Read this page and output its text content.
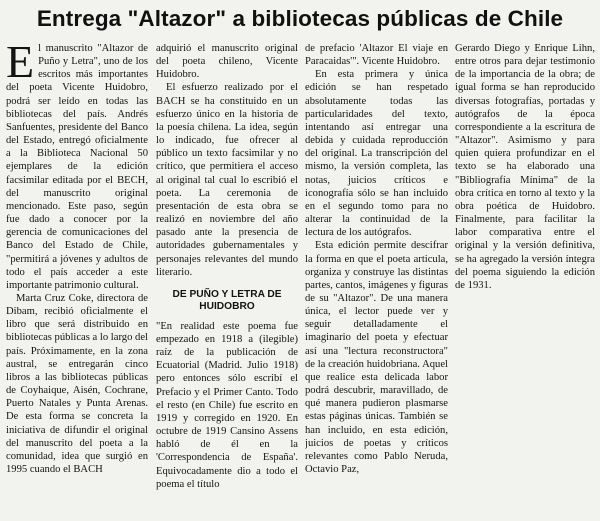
Entrega "Altazor" a bibliotecas públicas de Chile

El manuscrito "Altazor de Puño y Letra", uno de los escritos más importantes del poeta Vicente Huidobro, podrá ser leído en todas las bibliotecas del país. Andrés Sanfuentes, presidente del Banco del Estado, entregó oficialmente a la Biblioteca Nacional 50 ejemplares de la edición facsimilar editada por el BECH, del manuscrito original mencionado. Este paso, según fue dado a conocer por la gerencia de comunicaciones del Banco del Estado de Chile, "permitirá a jóvenes y adultos de todo el país acceder a este importante patrimonio cultural.

Marta Cruz Coke, directora de Dibam, recibió oficialmente el libro que será distribuido en bibliotecas públicas a lo largo del país. Próximamente, en la zona austral, se entregarán cinco libros a las bibliotecas públicas de Coyhaique, Aisén, Cochrane, Puerto Natales y Punta Arenas. De esta forma se concreta la iniciativa de difundir el original del manuscrito del poeta a la comunidad, idea que surgió en 1995 cuando el BACH

adquirió el manuscrito original del poeta chileno, Vicente Huidobro.

El esfuerzo realizado por el BACH se ha constituido en un esfuerzo único en la historia de la poesía chilena. La idea, según lo indicado, fue ofrecer al público un texto facsimilar y no crítico, que permitiera el acceso al original tal cual lo escribió el poeta. La ceremonia de presentación de esta obra se realizó en noviembre del año pasado ante la presencia de autoridades gubernamentales y personajes relevantes del mundo literario.

DE PUÑO Y LETRA DE HUIDOBRO

"En realidad este poema fue empezado en 1918 a (ilegible) raíz de la publicación de Ecuatorial (Madrid. Julio 1918) pero entonces sólo escribí el Prefacio y el Primer Canto. Todo el resto (en Chile) fue escrito en 1919 y corregido en 1920. En octubre de 1919 Cansino Assens habló de él en la 'Correspondencia de España'. Equivocadamente dio a todo el poema el título

de prefacio 'Altazor El viaje en Paracaidas'". Vicente Huidobro.

En esta primera y única edición se han respetado absolutamente todas las particularidades del texto, intentando así entregar una debida y cuidada reproducción del original. La transcripción del mismo, la versión completa, las notas, juicios críticos e iconografía sólo se han incluido en el segundo tomo para no alterar la continuidad de la lectura de los autógrafos.

Esta edición permite descifrar la forma en que el poeta articula, organiza y construye las distintas partes, cantos, imágenes y figuras de su "Altazor". De una manera única, el lector puede ver y seguir detalladamente el imaginario del poeta y efectuar así una "lectura reconstructora" de la creación huidobriana. Aquel que realice esta delicada labor podrá descubrir, maravillado, de qué manera pudieron plasmarse estas páginas únicas. También se han incluido, en esta edición, juicios de poetas y críticos relevantes como Pablo Neruda, Octavio Paz,

Gerardo Diego y Enrique Lihn, entre otros para dejar testimonio de la importancia de la obra; de igual forma se han reproducido diversas fotografías, portadas y autógrafos de la época correspondiente a la escritura de "Altazor". Asimismo y para quien quiera profundizar en el texto se ha elaborado una "Bibliografía Mínima" de la obra crítica en torno al texto y la obra poética de Huidobro. Finalmente, para facilitar la labor comparativa entre el original y la versión definitiva, se ha agregado la versión íntegra del poema siguiendo la edición de 1931.
